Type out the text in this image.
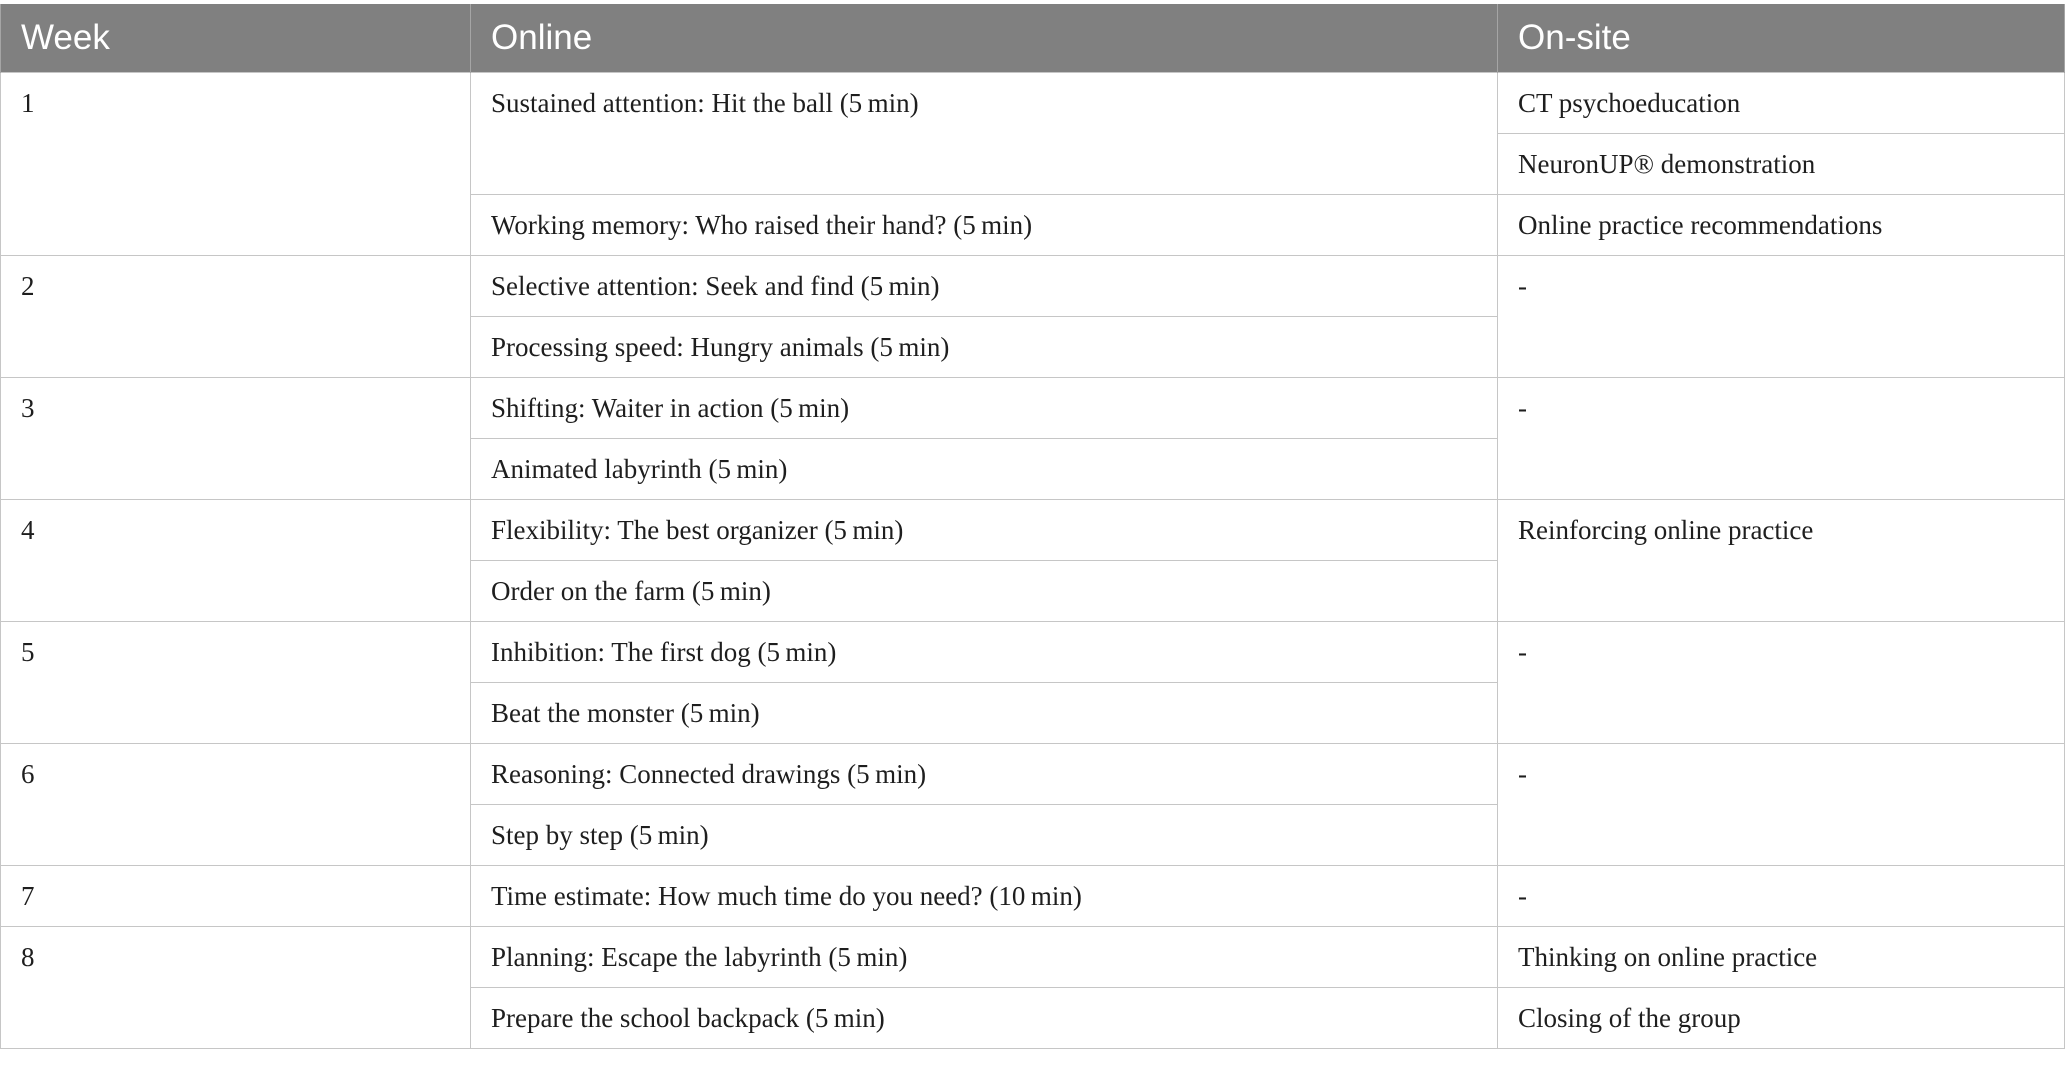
Week	Online	On-site
1	Sustained attention: Hit the ball (5 min)	CT psychoeducation
		NeuronUP® demonstration
	Working memory: Who raised their hand? (5 min)	Online practice recommendations
2	Selective attention: Seek and find (5 min)	-
	Processing speed: Hungry animals (5 min)	
3	Shifting: Waiter in action (5 min)	-
	Animated labyrinth (5 min)	
4	Flexibility: The best organizer (5 min)	Reinforcing online practice
	Order on the farm (5 min)	
5	Inhibition: The first dog (5 min)	-
	Beat the monster (5 min)	
6	Reasoning: Connected drawings (5 min)	-
	Step by step (5 min)	
7	Time estimate: How much time do you need? (10 min)	-
8	Planning: Escape the labyrinth (5 min)	Thinking on online practice
	Prepare the school backpack (5 min)	Closing of the group
